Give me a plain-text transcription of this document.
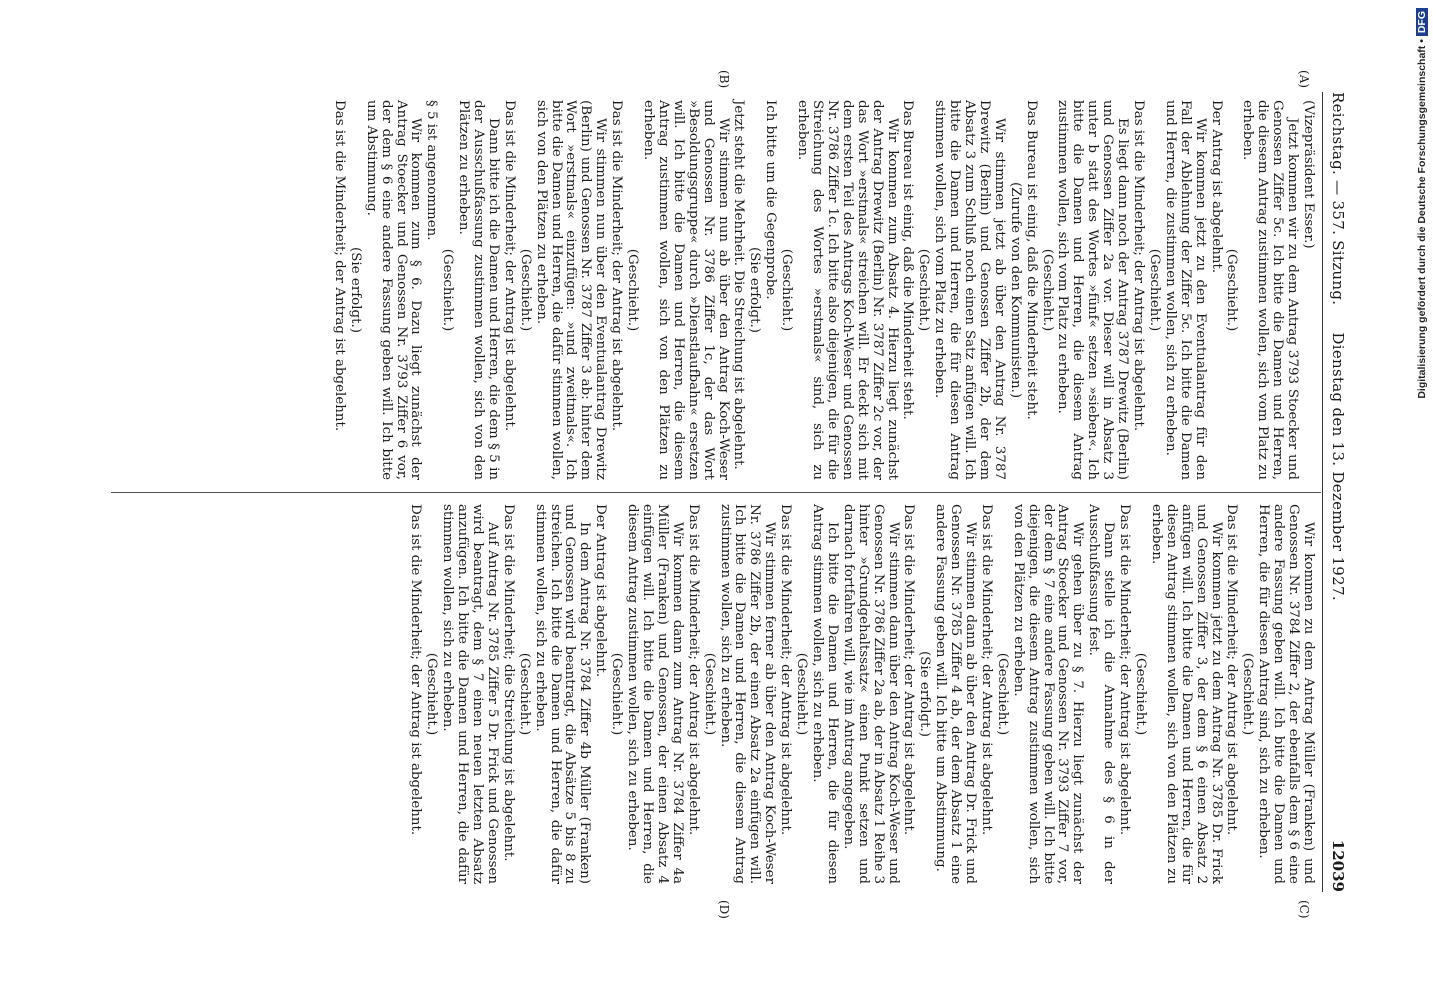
Digitalisierung gefördert durch die Deutsche Forschungsgemeinschaft • DFG
Reichstag. — 357. Sitzung. Dienstag den 13. Dezember 1927.
12039

(Vizepräsident Esser.)

Jetzt kommen wir zu dem Antrag 3793 Stoecker und Genossen Ziffer 5c. Ich bitte die Damen und Herren, die diesem Antrag zustimmen wollen, sich vom Platz zu erheben.

(Geschieht.)

Der Antrag ist abgelehnt.

Wir kommen jetzt zu den Eventualantrag für den Fall der Ablehnung der Ziffer 5c. Ich bitte die Damen und Herren, die zustimmen wollen, sich zu erheben.

(Geschieht.)

Das ist die Minderheit; der Antrag ist abgelehnt.

Es liegt dann noch der Antrag 3787 Drewitz (Berlin) und Genossen Ziffer 2a vor. Dieser will in Absatz 3 unter b statt des Wortes »fünf« setzen »sieben«. Ich bitte die Damen und Herren, die diesem Antrag zustimmen wollen, sich vom Platz zu erheben.

(Geschieht.)

Das Bureau ist einig, daß die Minderheit steht.

(Zurufe von den Kommunisten.)

Wir stimmen jetzt ab über den Antrag Nr. 3787 Drewitz (Berlin) und Genossen Ziffer 2b, der dem Absatz 3 zum Schluß noch einen Satz anfügen will. Ich bitte die Damen und Herren, die für diesen Antrag stimmen wollen, sich vom Platz zu erheben.

(Geschieht.)

Das Bureau ist einig, daß die Minderheit steht.

Wir kommen zum Absatz 4. Hierzu liegt zunächst der Antrag Drewitz (Berlin) Nr. 3787 Ziffer 2c vor, der das Wort »erstmals« streichen will. Er deckt sich mit dem ersten Teil des Antrags Koch-Weser und Genossen Nr. 3786 Ziffer 1c. Ich bitte also diejenigen, die für die Streichung des Wortes »erstmals« sind, sich zu erheben.

(Geschieht.)

Ich bitte um die Gegenprobe.

(Sie erfolgt.)

Jetzt steht die Mehrheit. Die Streichung ist abgelehnt.

Wir stimmen nun ab über den Antrag Koch-Weser und Genossen Nr. 3786 Ziffer 1c, der das Wort »Besoldungsgruppe« durch »Dienstlaufbahn« ersetzen will. Ich bitte die Damen und Herren, die diesem Antrag zustimmen wollen, sich von den Plätzen zu erheben.

(Geschieht.)

Das ist die Minderheit; der Antrag ist abgelehnt.

Wir stimmen nun über den Eventualantrag Drewitz (Berlin) und Genossen Nr. 3787 Ziffer 3 ab: hinter dem Wort »erstmals« einzufügen: »und zweitmals«. Ich bitte die Damen und Herren, die dafür stimmen wollen, sich von den Plätzen zu erheben.

(Geschieht.)

Das ist die Minderheit; der Antrag ist abgelehnt.

Dann bitte ich die Damen und Herren, die dem § 5 in der Ausschußfassung zustimmen wollen, sich von den Plätzen zu erheben.

(Geschieht.)

§ 5 ist angenommen.

Wir kommen zum § 6. Dazu liegt zunächst der Antrag Stoecker und Genossen Nr. 3793 Ziffer 6 vor, der dem § 6 eine andere Fassung geben will. Ich bitte um Abstimmung.

(Sie erfolgt.)

Das ist die Minderheit; der Antrag ist abgelehnt.

Wir kommen zu dem Antrag Müller (Franken) und Genossen Nr. 3784 Ziffer 2, der ebenfalls dem § 6 eine andere Fassung geben will. Ich bitte die Damen und Herren, die für diesen Antrag sind, sich zu erheben.

(Geschieht.)

Das ist die Minderheit; der Antrag ist abgelehnt.

Wir kommen jetzt zu dem Antrag Nr. 3785 Dr. Frick und Genossen Ziffer 3, der dem § 6 einen Absatz 2 anfügen will. Ich bitte die Damen und Herren, die für diesen Antrag stimmen wollen, sich von den Plätzen zu erheben.

(Geschieht.)

Das ist die Minderheit; der Antrag ist abgelehnt.

Dann stelle ich die Annahme des § 6 in der Ausschußfassung fest.

Wir gehen über zu § 7. Hierzu liegt zunächst der Antrag Stoecker und Genossen Nr. 3793 Ziffer 7 vor, der dem § 7 eine andere Fassung geben will. Ich bitte diejenigen, die diesem Antrag zustimmen wollen, sich von den Plätzen zu erheben.

(Geschieht.)

Das ist die Minderheit; der Antrag ist abgelehnt.

Wir stimmen dann ab über den Antrag Dr. Frick und Genossen Nr. 3785 Ziffer 4 ab, der dem Absatz 1 eine andere Fassung geben will. Ich bitte um Abstimmung.

(Sie erfolgt.)

Das ist die Minderheit; der Antrag ist abgelehnt.

Wir stimmen dann über den Antrag Koch-Weser und Genossen Nr. 3786 Ziffer 2a ab, der in Absatz 1 Reihe 3 hinter »Grundgehaltssatz« einen Punkt setzen und darnach fortfahren will, wie im Antrag angegeben.

Ich bitte die Damen und Herren, die für diesen Antrag stimmen wollen, sich zu erheben.

(Geschieht.)

Das ist die Minderheit; der Antrag ist abgelehnt.

Wir stimmen ferner ab über den Antrag Koch-Weser Nr. 3786 Ziffer 2b, der einen Absatz 2a einfügen will. Ich bitte die Damen und Herren, die diesem Antrag zustimmen wollen, sich zu erheben.

(Geschieht.)

Das ist die Minderheit; der Antrag ist abgelehnt.

Wir kommen dann zum Antrag Nr. 3784 Ziffer 4a Müller (Franken) und Genossen, der einen Absatz 4 einfügen will. Ich bitte die Damen und Herren, die diesem Antrag zustimmen wollen, sich zu erheben.

(Geschieht.)

Der Antrag ist abgelehnt.

In dem Antrag Nr. 3784 Ziffer 4b Müller (Franken) und Genossen wird beantragt, die Absätze 5 bis 8 zu streichen. Ich bitte die Damen und Herren, die dafür stimmen wollen, sich zu erheben.

(Geschieht.)

Das ist die Minderheit; die Streichung ist abgelehnt.

Auf Antrag Nr. 3785 Ziffer 5 Dr. Frick und Genossen wird beantragt, dem § 7 einen neuen letzten Absatz anzufügen. Ich bitte die Damen und Herren, die dafür stimmen wollen, sich zu erheben.

(Geschieht.)

Das ist die Minderheit; der Antrag ist abgelehnt.

(A)
(B)
(C)
(D)
